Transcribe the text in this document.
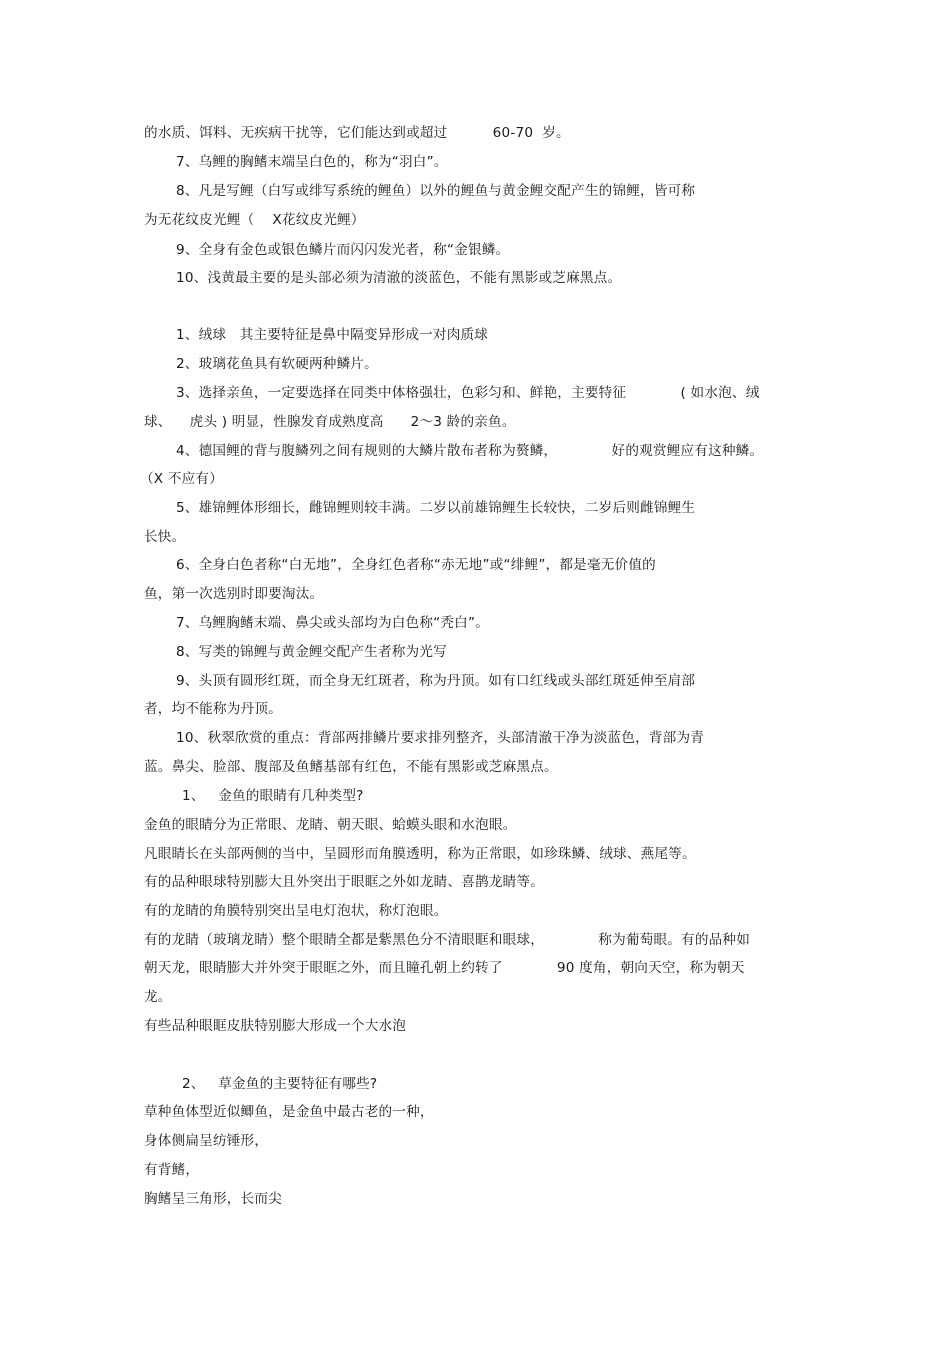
的水质、饵料、无疾病干扰等，它们能达到或超过          60-70  岁。
7、乌鲤的胸鳍末端呈白色的，称为“羽白”。
8、凡是写鲤（白写或绯写系统的鲤鱼）以外的鲤鱼与黄金鲤交配产生的锦鲤，皆可称
为无花纹皮光鲤（    X花纹皮光鲤）
9、全身有金色或银色鳞片而闪闪发光者，称“金银鳞。
10、浅黄最主要的是头部必须为清澈的淡蓝色，不能有黑影或芝麻黑点。
1、绒球   其主要特征是鼻中隔变异形成一对肉质球
2、玻璃花鱼具有软硬两种鳞片。
3、选择亲鱼，一定要选择在同类中体格强壮，色彩匀和、鲜艳，主要特征            ( 如水泡、绒
球、    虎头 ) 明显，性腺发育成熟度高      2～3 龄的亲鱼。
4、德国鲤的背与腹鳞列之间有规则的大鳞片散布者称为赘鳞，            好的观赏鲤应有这种鳞。
（X 不应有）
5、雄锦鲤体形细长，雌锦鲤则较丰满。二岁以前雄锦鲤生长较快，二岁后则雌锦鲤生
长快。
6、全身白色者称“白无地”，全身红色者称“赤无地”或“绯鲤”，都是毫无价值的
鱼，第一次选别时即要淘汰。
7、乌鲤胸鳍末端、鼻尖或头部均为白色称“秃白”。
8、写类的锦鲤与黄金鲤交配产生者称为光写
9、头顶有圆形红斑，而全身无红斑者，称为丹顶。如有口红线或头部红斑延伸至肩部
者，均不能称为丹顶。
10、秋翠欣赏的重点：背部两排鳞片要求排列整齐，头部清澈干净为淡蓝色，背部为青
蓝。鼻尖、脸部、腹部及鱼鳍基部有红色，不能有黑影或芝麻黑点。
1、   金鱼的眼睛有几种类型?
金鱼的眼睛分为正常眼、龙睛、朝天眼、蛤蟆头眼和水泡眼。
凡眼睛长在头部两侧的当中，呈圆形而角膜透明，称为正常眼，如珍珠鳞、绒球、燕尾等。
有的品种眼球特别膨大且外突出于眼眶之外如龙睛、喜鹊龙睛等。
有的龙睛的角膜特别突出呈电灯泡状，称灯泡眼。
有的龙睛（玻璃龙睛）整个眼睛全都是紫黑色分不清眼眶和眼球，            称为葡萄眼。有的品种如
朝天龙，眼睛膨大并外突于眼眶之外，而且瞳孔朝上约转了            90 度角，朝向天空，称为朝天
龙。
有些品种眼眶皮肤特别膨大形成一个大水泡
2、   草金鱼的主要特征有哪些?
草种鱼体型近似鲫鱼，是金鱼中最古老的一种，
身体侧扁呈纺锤形，
有背鳍，
胸鳍呈三角形，长而尖
